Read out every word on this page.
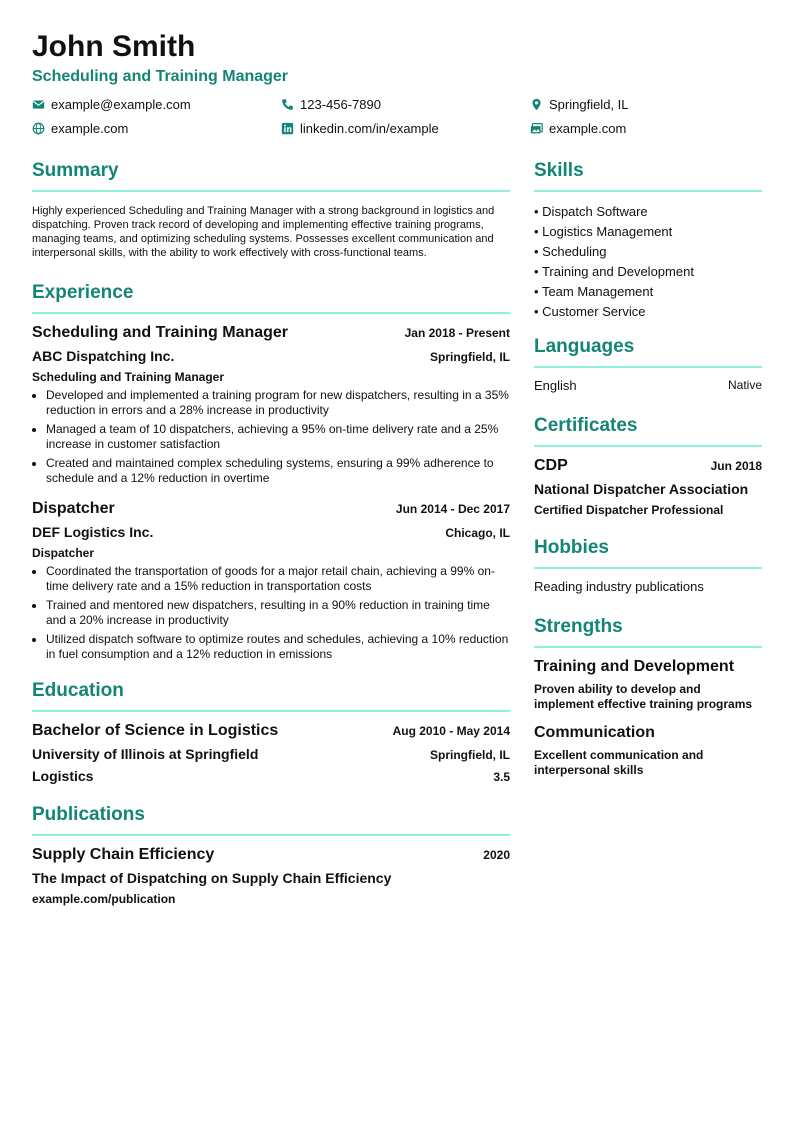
John Smith
Scheduling and Training Manager
example@example.com	123-456-7890	Springfield, IL
example.com	linkedin.com/in/example	example.com
Summary
Highly experienced Scheduling and Training Manager with a strong background in logistics and dispatching. Proven track record of developing and implementing effective training programs, managing teams, and optimizing scheduling systems. Possesses excellent communication and interpersonal skills, with the ability to work effectively with cross-functional teams.
Experience
Scheduling and Training Manager	Jan 2018 - Present
ABC Dispatching Inc.	Springfield, IL
Scheduling and Training Manager
• Developed and implemented a training program for new dispatchers, resulting in a 35% reduction in errors and a 28% increase in productivity
• Managed a team of 10 dispatchers, achieving a 95% on-time delivery rate and a 25% increase in customer satisfaction
• Created and maintained complex scheduling systems, ensuring a 99% adherence to schedule and a 12% reduction in overtime
Dispatcher	Jun 2014 - Dec 2017
DEF Logistics Inc.	Chicago, IL
Dispatcher
• Coordinated the transportation of goods for a major retail chain, achieving a 99% on-time delivery rate and a 15% reduction in transportation costs
• Trained and mentored new dispatchers, resulting in a 90% reduction in training time and a 20% increase in productivity
• Utilized dispatch software to optimize routes and schedules, achieving a 10% reduction in fuel consumption and a 12% reduction in emissions
Education
Bachelor of Science in Logistics	Aug 2010 - May 2014
University of Illinois at Springfield	Springfield, IL
Logistics	3.5
Publications
Supply Chain Efficiency	2020
The Impact of Dispatching on Supply Chain Efficiency
example.com/publication
Skills
• Dispatch Software
• Logistics Management
• Scheduling
• Training and Development
• Team Management
• Customer Service
Languages
English	Native
Certificates
CDP	Jun 2018
National Dispatcher Association
Certified Dispatcher Professional
Hobbies
Reading industry publications
Strengths
Training and Development
Proven ability to develop and implement effective training programs
Communication
Excellent communication and interpersonal skills
